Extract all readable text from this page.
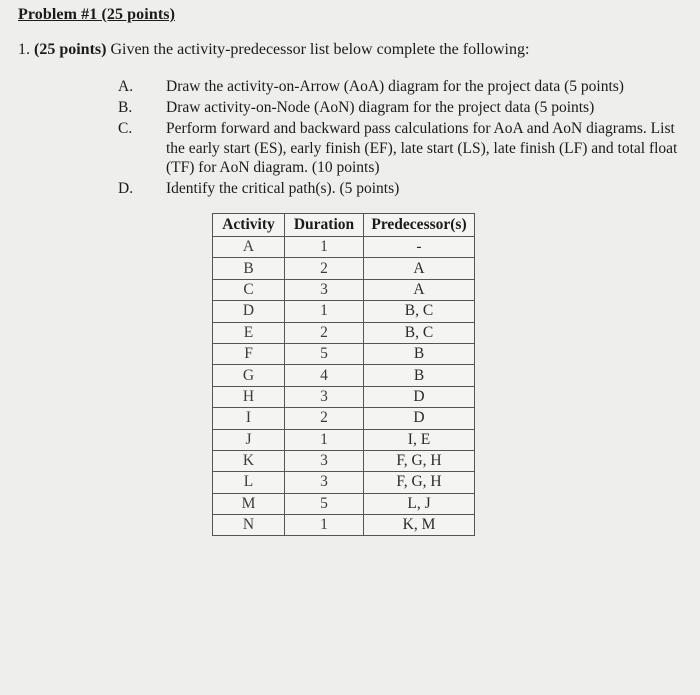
Problem #1 (25 points)
1. (25 points) Given the activity-predecessor list below complete the following:
A.	Draw the activity-on-Arrow (AoA) diagram for the project data (5 points)
B.	Draw activity-on-Node (AoN) diagram for the project data (5 points)
C.	Perform forward and backward pass calculations for AoA and AoN diagrams. List the early start (ES), early finish (EF), late start (LS), late finish (LF) and total float (TF) for AoN diagram. (10 points)
D.	Identify the critical path(s). (5 points)
Activity	Duration	Predecessor(s)
A	1	-
B	2	A
C	3	A
D	1	B, C
E	2	B, C
F	5	B
G	4	B
H	3	D
I	2	D
J	1	I, E
K	3	F, G, H
L	3	F, G, H
M	5	L, J
N	1	K, M
